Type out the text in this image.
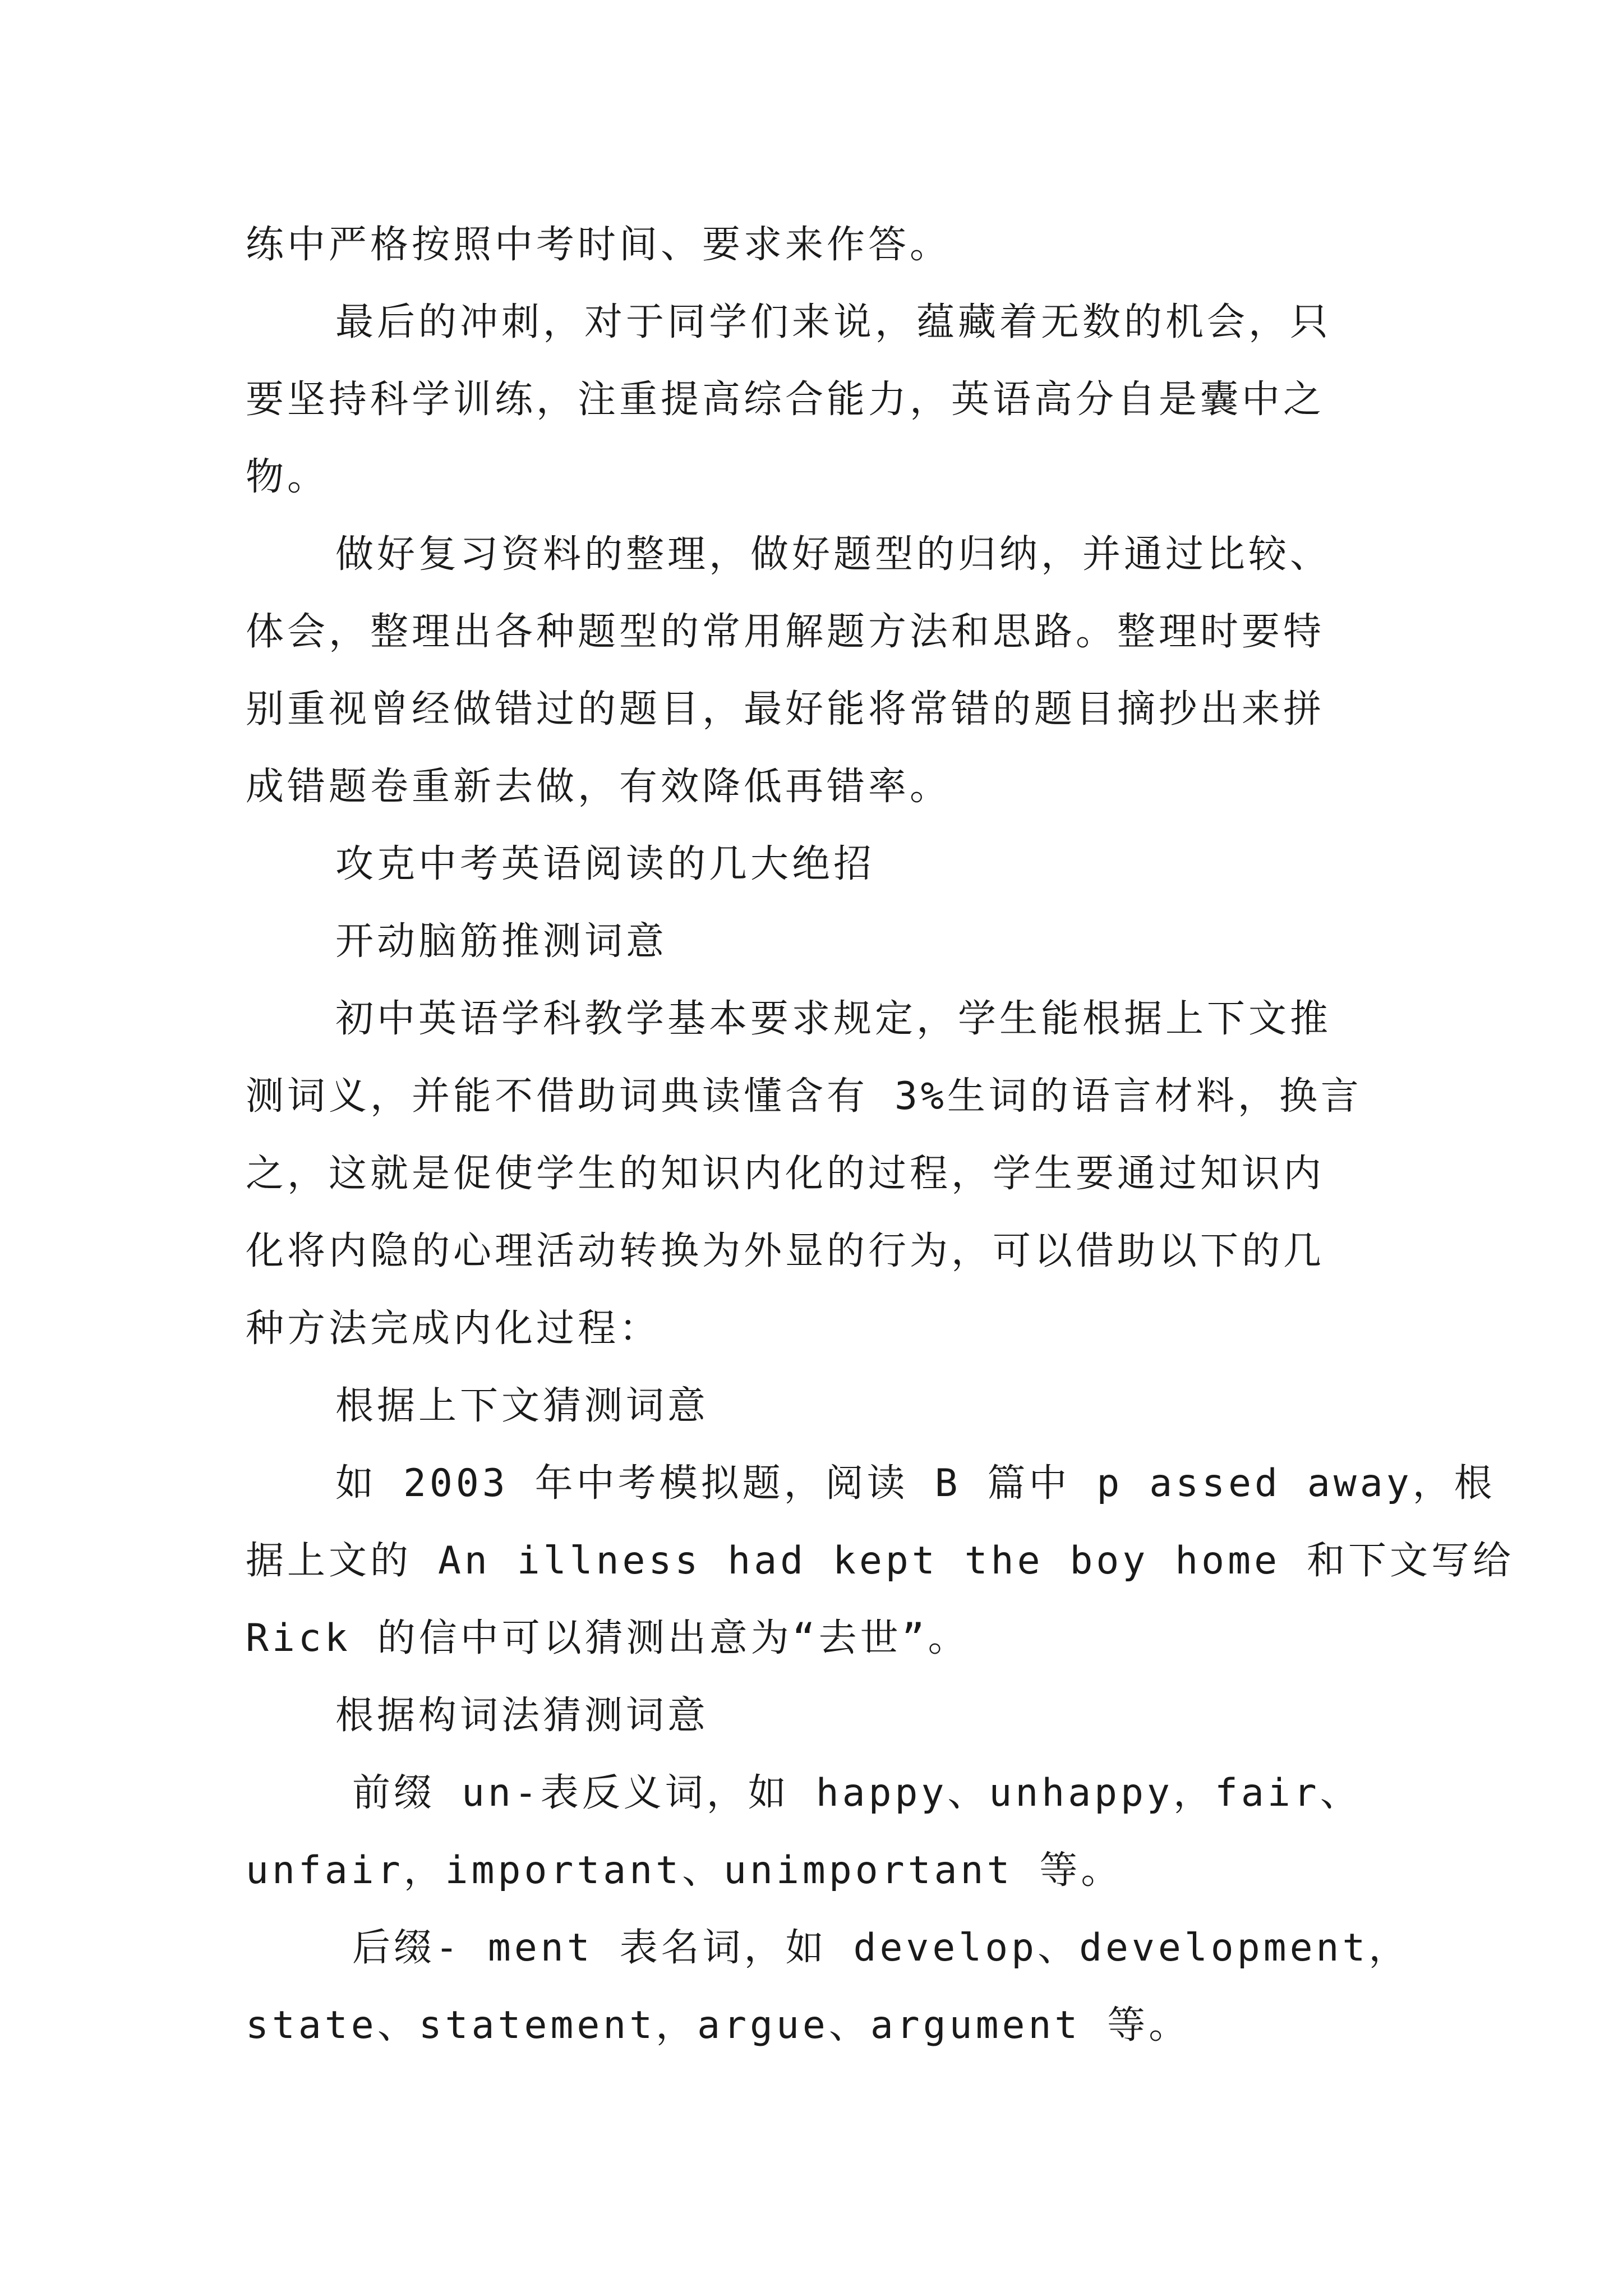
练中严格按照中考时间、要求来作答。
最后的冲刺，对于同学们来说，蕴藏着无数的机会，只
要坚持科学训练，注重提高综合能力，英语高分自是囊中之
物。
做好复习资料的整理，做好题型的归纳，并通过比较、
体会，整理出各种题型的常用解题方法和思路。整理时要特
别重视曾经做错过的题目，最好能将常错的题目摘抄出来拼
成错题卷重新去做，有效降低再错率。
攻克中考英语阅读的几大绝招
开动脑筋推测词意
初中英语学科教学基本要求规定，学生能根据上下文推
测词义，并能不借助词典读懂含有 3%生词的语言材料，换言
之，这就是促使学生的知识内化的过程，学生要通过知识内
化将内隐的心理活动转换为外显的行为，可以借助以下的几
种方法完成内化过程：
根据上下文猜测词意
如 2003 年中考模拟题，阅读 B 篇中 p assed away，根
据上文的 An illness had kept the boy home 和下文写给
Rick 的信中可以猜测出意为“去世”。
根据构词法猜测词意
前缀 un-表反义词，如 happy、unhappy，fair、
unfair，important、unimportant 等。
后缀- ment 表名词，如 develop、development，
state、statement，argue、argument 等。
